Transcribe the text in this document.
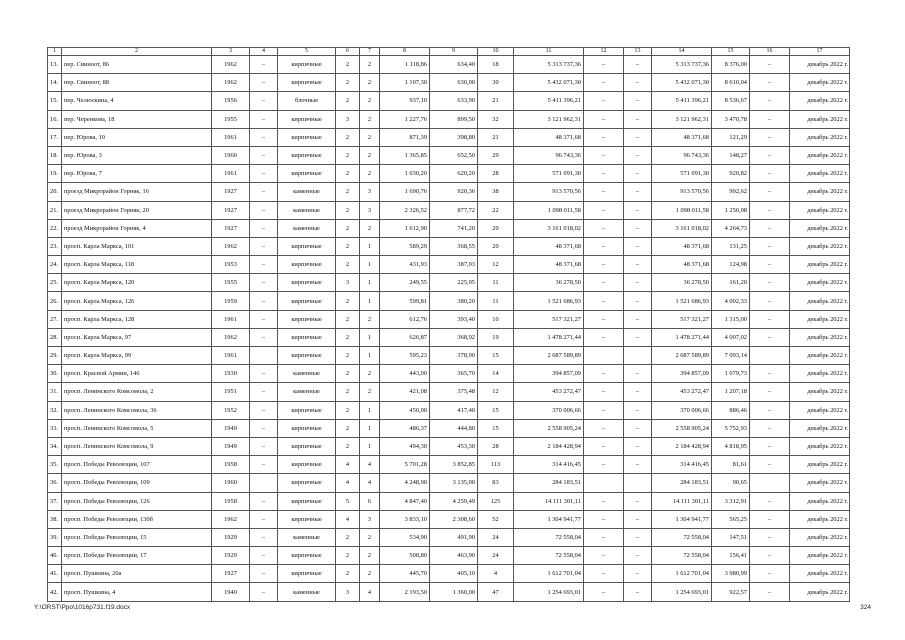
1	2	3	4	5	6	7	8	9	10	11	12	13	14	15	16	17
13.	пер. Свиноот, 86	1962	–	кирпичные	2	2	1 118,86	634,40	18	5 313 737,36	–	–	5 313 737,36	8 376,00	–	декабрь 2022 г.
14.	пер. Свиноот, 88	1962	–	кирпичные	2	2	1 107,30	630,90	30	5 432 071,30	–	–	5 432 071,30	8 610,04	–	декабрь 2022 г.
15.	пер. Челюскина, 4	1956	–	блочные	2	2	937,10	633,90	21	5 411 396,21	–	–	5 411 396,21	8 536,67	–	декабрь 2022 г.
16.	пер. Черенкова, 18	1955	–	кирпичные	3	2	1 227,76	899,50	32	3 121 962,31	–	–	3 121 962,31	3 470,78	–	декабрь 2022 г.
17.	пер. Юрова, 10	1961	–	кирпичные	2	2	871,39	398,80	21	48 371,68	–	–	48 371,68	121,29	–	декабрь 2022 г.
18.	пер. Юрова, 3	1960	–	кирпичные	2	2	1 365,85	652,50	29	96 743,36	–	–	96 743,36	148,27	–	декабрь 2022 г.
19.	пер. Юрова, 7	1961	–	кирпичные	2	2	1 030,20	620,20	28	571 091,30	–	–	571 091,30	920,82	–	декабрь 2022 г.
20.	проезд Микрорайон Горняк, 16	1927	–	каменные	2	3	1 690,76	920,36	38	913 570,56	–	–	913 570,56	992,62	–	декабрь 2022 г.
21.	проезд Микрорайон Горняк, 20	1927	–	каменные	2	3	2 326,52	877,72	22	1 098 011,58	–	–	1 098 011,58	1 250,98	–	декабрь 2022 г.
22.	проезд Микрорайон Горняк, 4	1927	–	каменные	2	2	1 612,90	741,20	20	3 161 018,02	–	–	3 161 018,02	4 264,73	–	декабрь 2022 г.
23.	просп. Карла Маркса, 101	1962	–	кирпичные	2	1	589,29	368,55	20	48 371,68	–	–	48 371,68	131,25	–	декабрь 2022 г.
24.	просп. Карла Маркса, 118	1953	–	кирпичные	2	1	431,93	387,03	12	48 371,68	–	–	48 371,68	124,98	–	декабрь 2022 г.
25.	просп. Карла Маркса, 120	1955	–	кирпичные	3	1	249,55	225,05	11	36 278,50	–	–	36 278,50	161,20	–	декабрь 2022 г.
26.	просп. Карла Маркса, 126	1959	–	кирпичные	2	1	599,81	380,20	11	1 521 686,93	–	–	1 521 686,93	4 002,33	–	декабрь 2022 г.
27.	просп. Карла Маркса, 128	1961	–	кирпичные	2	2	612,76	393,40	10	517 321,27	–	–	517 321,27	1 315,00	–	декабрь 2022 г.
28.	просп. Карла Маркса, 97	1962	–	кирпичные	2	1	626,87	368,92	19	1 478 271,44	–	–	1 478 271,44	4 007,02	–	декабрь 2022 г.
29.	просп. Карла Маркса, 99	1961		кирпичные	2	1	595,23	378,90	15	2 687 589,89			2 687 589,89	7 093,14		декабрь 2022 г.
30.	просп. Красной Армии, 146	1930	–	каменные	2	2	443,00	365,70	14	394 857,09	–	–	394 857,09	1 079,73	–	декабрь 2022 г.
31.	просп. Ленинского Комсомола, 2	1951	–	каменные	2	2	421,08	375,48	12	453 272,47	–	–	453 272,47	1 207,18	–	декабрь 2022 г.
32.	просп. Ленинского Комсомола, 36	1952	–	кирпичные	2	1	450,90	417,40	15	370 006,66	–	–	370 006,66	886,46	–	декабрь 2022 г.
33.	просп. Ленинского Комсомола, 5	1949	–	кирпичные	2	1	486,37	444,80	15	2 558 905,24	–	–	2 558 905,24	5 752,93	–	декабрь 2022 г.
34.	просп. Ленинского Комсомола, 9	1949	–	кирпичные	2	1	494,30	453,30	28	2 184 428,94	–	–	2 184 428,94	4 818,95	–	декабрь 2022 г.
35.	просп. Победы Революции, 107	1958	–	кирпичные	4	4	5 701,28	3 852,85	113	314 416,45	–	–	314 416,45	81,61	–	декабрь 2022 г.
36.	просп. Победы Революции, 109	1960		кирпичные	4	4	4 248,90	3 135,00	83	284 183,51			284 183,51	90,65		декабрь 2022 г.
37.	просп. Победы Революции, 126	1958	–	кирпичные	5	6	4 847,40	4 259,49	125	14 111 301,11	–	–	14 111 301,11	3 312,91	–	декабрь 2022 г.
38.	просп. Победы Революции, 130б	1962	–	кирпичные	4	3	3 833,10	2 308,60	52	1 304 941,77	–	–	1 304 941,77	565,25	–	декабрь 2022 г.
39.	просп. Победы Революции, 15	1929	–	каменные	2	2	534,90	491,90	24	72 558,04	–	–	72 558,04	147,51	–	декабрь 2022 г.
40.	просп. Победы Революции, 17	1929	–	кирпичные	2	2	508,80	463,90	24	72 558,04	–	–	72 558,04	156,41	–	декабрь 2022 г.
41.	просп. Пушкина, 20а	1927	–	кирпичные	2	2	445,70	405,10	4	1 612 701,04	–	–	1 612 701,04	3 980,99	–	декабрь 2022 г.
42.	просп. Пушкина, 4	1940	–	каменные	3	4	2 193,50	1 360,00	47	1 254 693,01	–	–	1 254 693,01	922,57	–	декабрь 2022 г.
Y:\ORST\Ppo\1016p731.f19.docx	324
